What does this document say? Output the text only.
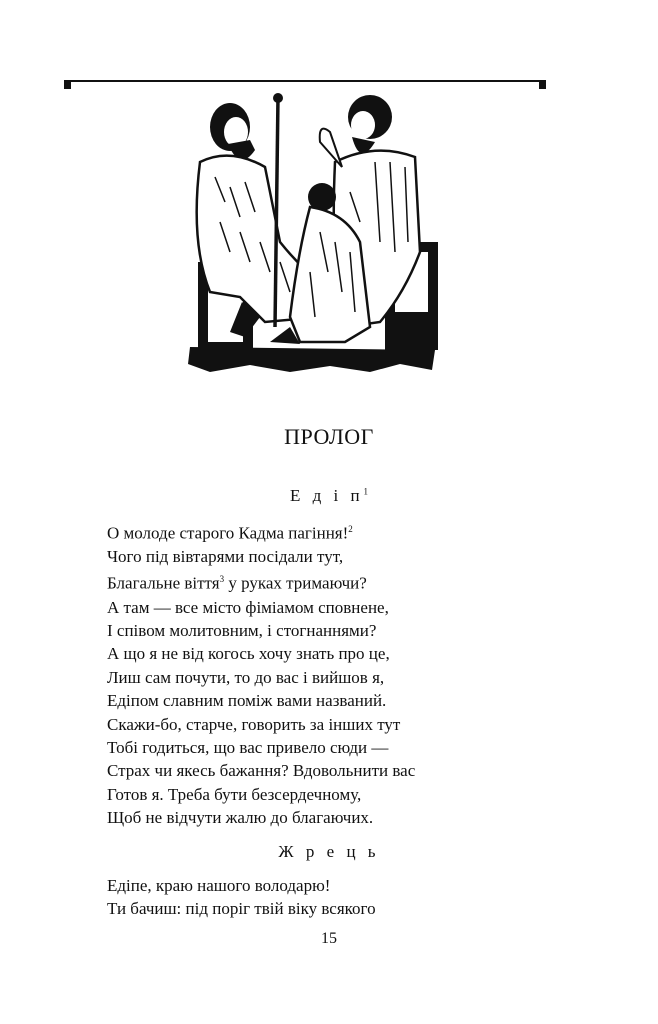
ПРОЛОГ
Е д і $п^1$
О молоде старого Кадма пагіння!$^2$
Чого під вівтарями посідали тут,
Благальне віття$^3$ у руках тримаючи?
А там — все місто фіміамом сповнене,
І співом молитовним, і стогнаннями?
А що я не від когось хочу знать про це,
Лиш сам почути, то до вас і вийшов я,
Едіпом славним поміж вами названий.
Скажи-бо, старче, говорить за інших тут
Тобі годиться, що вас привело сюди —
Страх чи якесь бажання? Вдовольнити вас
Готов я. Треба бути безсердечному,
Щоб не відчути жалю до благаючих.
Ж р е ц ь
Едіпе, краю нашого володарю!
Ти бачиш: під поріг твій віку всякого
15
